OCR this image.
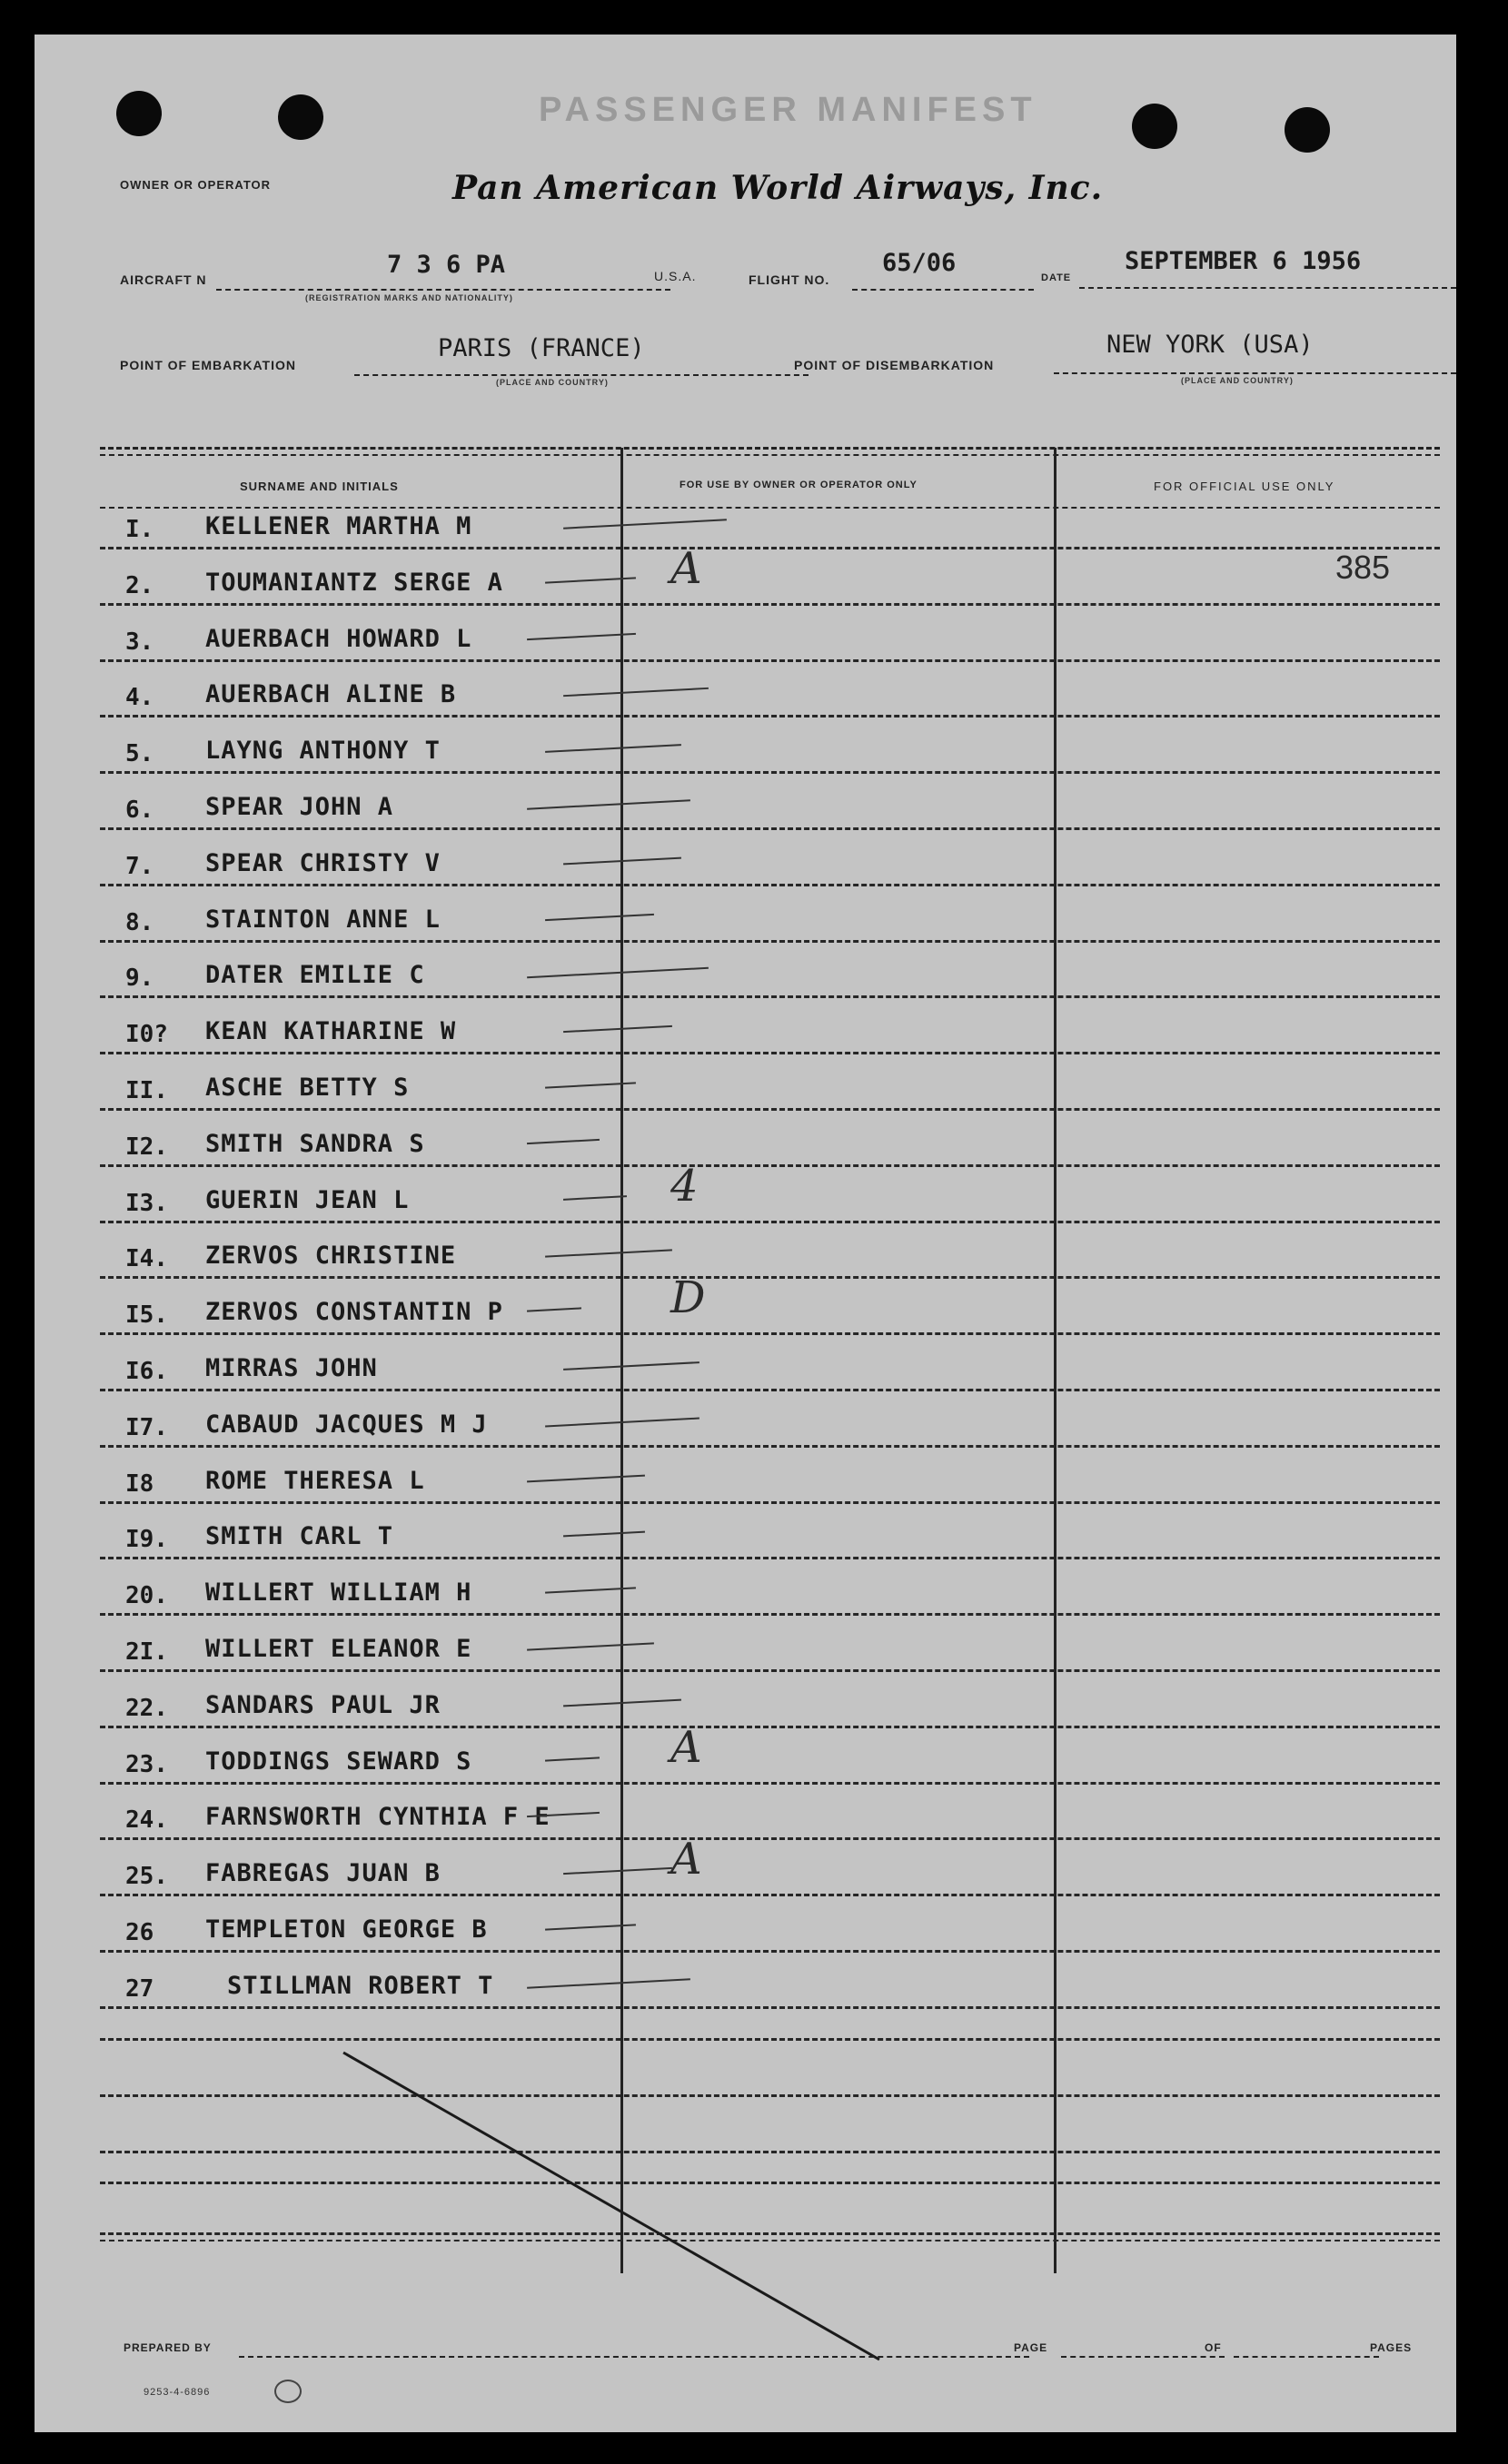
PASSENGER MANIFEST
OWNER OR OPERATOR	Pan American World Airways, Inc.
AIRCRAFT N
7 3 6 PA
(REGISTRATION MARKS AND NATIONALITY)
U.S.A.	FLIGHT NO.
65/06
DATE
SEPTEMBER 6 1956
POINT OF EMBARKATION
PARIS (FRANCE)
(PLACE AND COUNTRY)
POINT OF DISEMBARKATION
NEW YORK (USA)
(PLACE AND COUNTRY)
SURNAME AND INITIALS	FOR USE BY OWNER OR OPERATOR ONLY	FOR OFFICIAL USE ONLY
I.	KELLENER MARTHA M
2.	TOUMANIANTZ SERGE A	A	385
3.	AUERBACH HOWARD L
4.	AUERBACH ALINE B
5.	LAYNG ANTHONY T
6.	SPEAR JOHN A
7.	SPEAR CHRISTY V
8.	STAINTON ANNE L
9.	DATER EMILIE C
I0?	KEAN KATHARINE W
II.	ASCHE BETTY S
I2.	SMITH SANDRA S
I3.	GUERIN JEAN L	4
I4.	ZERVOS CHRISTINE
I5.	ZERVOS CONSTANTIN P	D
I6.	MIRRAS JOHN
I7.	CABAUD JACQUES M J
I8	ROME THERESA L
I9.	SMITH CARL T
20.	WILLERT WILLIAM H
2I.	WILLERT ELEANOR E
22.	SANDARS PAUL JR
23.	TODDINGS SEWARD S	A
24.	FARNSWORTH CYNTHIA F E
25.	FABREGAS JUAN B	A
26	TEMPLETON GEORGE B
27	STILLMAN ROBERT T
PREPARED BY	PAGE	OF	PAGES
9253-4-6896
